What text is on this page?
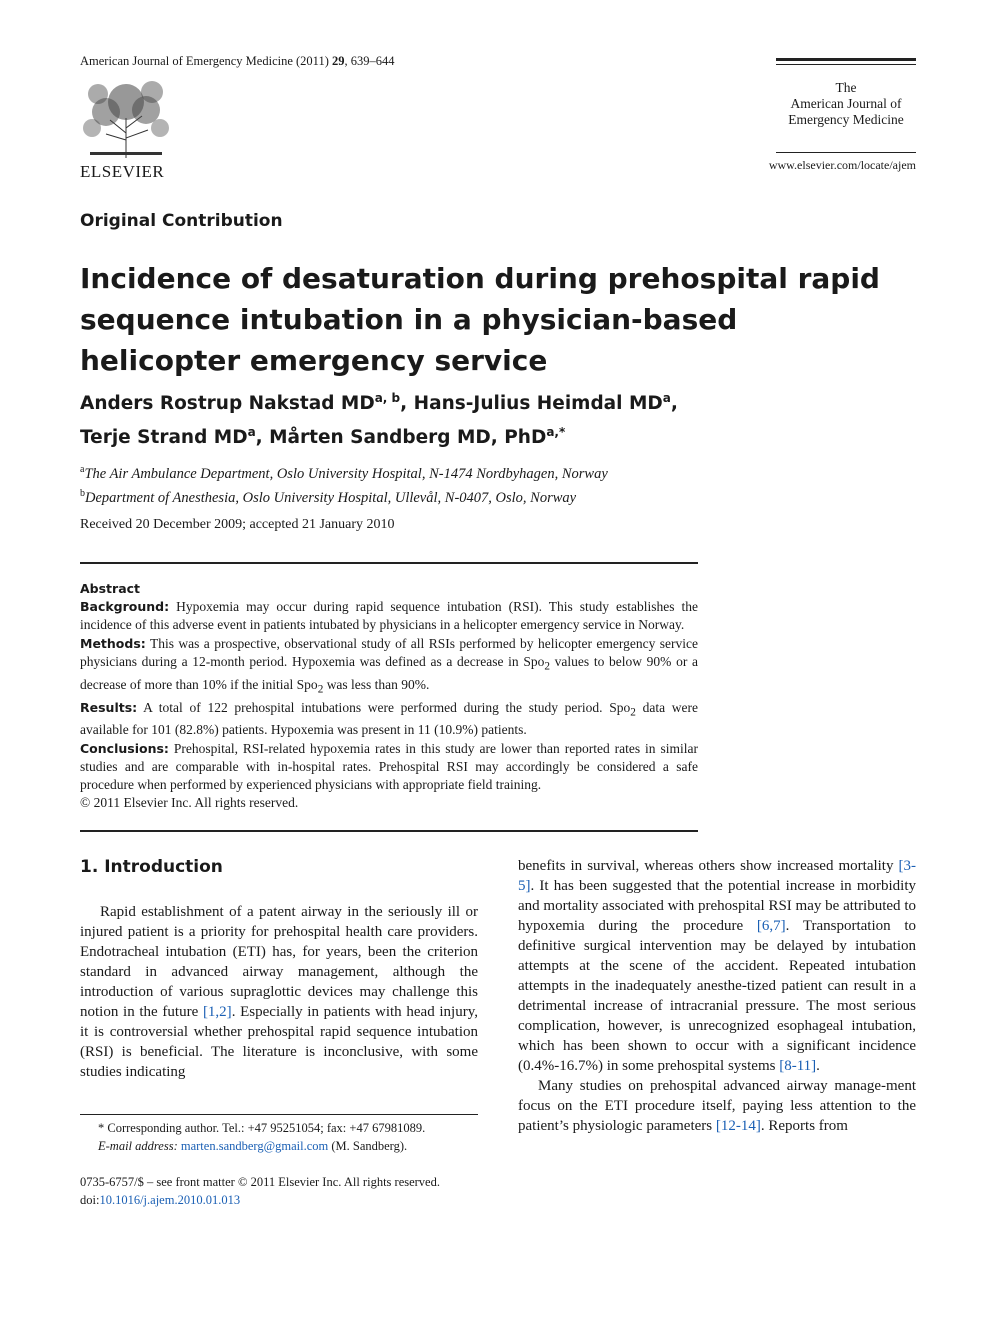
American Journal of Emergency Medicine (2011) 29, 639–644
ELSEVIER
The
American Journal of
Emergency Medicine
www.elsevier.com/locate/ajem
Original Contribution
Incidence of desaturation during prehospital rapid sequence intubation in a physician-based helicopter emergency service
Anders Rostrup Nakstad MD$^{a, b}$, Hans-Julius Heimdal $MD^a$,
Terje Strand $MD^a$, Mårten Sandberg MD, PhD$^{a,*}$
$^a$The Air Ambulance Department, Oslo University Hospital, N-1474 Nordbyhagen, Norway
$^b$Department of Anesthesia, Oslo University Hospital, Ullevål, N-0407, Oslo, Norway
Received 20 December 2009; accepted 21 January 2010

Abstract

Background: Hypoxemia may occur during rapid sequence intubation (RSI). This study establishes the incidence of this adverse event in patients intubated by physicians in a helicopter emergency service in Norway.

Methods: This was a prospective, observational study of all RSIs performed by helicopter emergency service physicians during a 12-month period. Hypoxemia was defined as a decrease in Spo$_2$ values to below 90% or a decrease of more than 10% if the initial Spo$_2$ was less than 90%.

Results: A total of 122 prehospital intubations were performed during the study period. Spo$_2$ data were available for 101 (82.8%) patients. Hypoxemia was present in 11 (10.9%) patients.

Conclusions: Prehospital, RSI-related hypoxemia rates in this study are lower than reported rates in similar studies and are comparable with in-hospital rates. Prehospital RSI may accordingly be considered a safe procedure when performed by experienced physicians with appropriate field training.

© 2011 Elsevier Inc. All rights reserved.

1. Introduction

Rapid establishment of a patent airway in the seriously ill or injured patient is a priority for prehospital health care providers. Endotracheal intubation (ETI) has, for years, been the criterion standard in advanced airway management, although the introduction of various supraglottic devices may challenge this notion in the future [1,2]. Especially in patients with head injury, it is controversial whether prehospital rapid sequence intubation (RSI) is beneficial. The literature is inconclusive, with some studies indicating

* Corresponding author. Tel.: +47 95251054; fax: +47 67981089.
E-mail address: marten.sandberg@gmail.com (M. Sandberg).
0735-6757/$ – see front matter © 2011 Elsevier Inc. All rights reserved.
doi:10.1016/j.ajem.2010.01.013

benefits in survival, whereas others show increased mortality [3-5]. It has been suggested that the potential increase in morbidity and mortality associated with prehospital RSI may be attributed to hypoxemia during the procedure [6,7]. Transportation to definitive surgical intervention may be delayed by intubation attempts at the scene of the accident. Repeated intubation attempts in the inadequately anesthe-tized patient can result in a detrimental increase of intracranial pressure. The most serious complication, however, is unrecognized esophageal intubation, which has been shown to occur with a significant incidence (0.4%-16.7%) in some prehospital systems [8-11].

Many studies on prehospital advanced airway manage-ment focus on the ETI procedure itself, paying less attention to the patient’s physiologic parameters [12-14]. Reports from
